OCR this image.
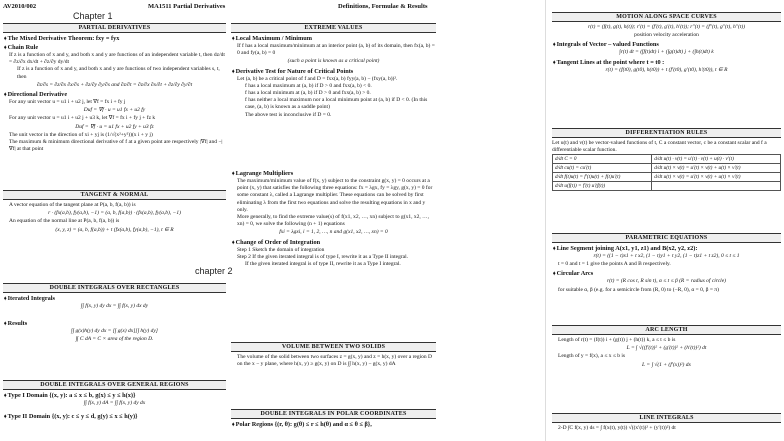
AV2010/002	MA1511 Partial Derivatives	Definitions, Formulae & Results
PARTIAL DERIVATIVES
➧ The Mixed Derivative Theorem: fxy = fyx
➧ Chain Rule
If z is a function of x and y, and both x and y are functions of an independent variable t, then dz/dt = ∂z/∂x dx/dt + ∂z/∂y dy/dt
If z is a function of x and y, and both x and y are functions of two independent variables s, t, then
∂z/∂s = ∂z/∂x ∂x/∂s + ∂z/∂y ∂y/∂s and ∂z/∂t = ∂z/∂x ∂x/∂t + ∂z/∂y ∂y/∂t
➧ Directional Derivative
For any unit vector u = u1 i + u2 j, let ∇f = fx i + fy j
Duf = ∇f · u = u1 fx + u2 fy
For any unit vector u = u1 i + u2 j + u3 k, let ∇f = fx i + fy j + fz k
Duf = ∇f · u = u1 fx + u2 fy + u3 fz
The unit vector in the direction of xi + yj is (1/√(x²+y²))(x i + y j)
The maximum & minimum directional derivative of f at a given point are respectively |∇f| and −|∇f| at that point
TANGENT & NORMAL
A vector equation of the tangent plane at P(a, b, f(a, b)) is
r · (fx(a,b), fy(a,b), −1) = (a, b, f(a,b)) · (fx(a,b), fy(a,b), −1)
An equation of the normal line at P(a, b, f(a, b)) is
(x, y, z) = (a, b, f(a,b)) + t (fx(a,b), fy(a,b), −1), t ∈ R
DOUBLE INTEGRALS OVER RECTANGLES
➧ Iterated Integrals
∫∫ f(x, y) dy dx = ∫∫ f(x, y) dx dy
➧ Results
∫∫ g(x)h(y) dy dx = [∫ g(x) dx][∫ h(y) dy]
∫∫ C dA = C × area of the region D.
DOUBLE INTEGRALS OVER GENERAL REGIONS
➧ Type I Domain {(x, y): a ≤ x ≤ b, g(x) ≤ y ≤ h(x)}
∫∫ f(x, y) dA = ∫∫ f(x, y) dy dx
➧ Type II Domain {(x, y): c ≤ y ≤ d, g(y) ≤ x ≤ h(y)}
EXTREME VALUES
➧ Local Maximum / Minimum
If f has a local maximum/minimum at an interior point (a, b) of its domain, then fx(a, b) = 0 and fy(a, b) = 0
(such a point is known as a critical point)
➧ Derivative Test for Nature of Critical Points
Let (a, b) be a critical point of f and D = fxx(a, b) fyy(a, b) − (fxy(a, b))².
f has a local maximum at (a, b) if D > 0 and fxx(a, b) < 0.
f has a local minimum at (a, b) if D > 0 and fxx(a, b) > 0.
f has neither a local maximum nor a local minimum point at (a, b) if D < 0. (In this case, (a, b) is known as a saddle point)
The above test is inconclusive if D = 0.
➧ Lagrange Multipliers
The maximum/minimum value of f(x, y) subject to the constraint g(x, y) = 0 occurs at a point (x, y) that satisfies the following three equations: fx = λgx, fy = λgy, g(x, y) = 0 for some constant λ, called a Lagrange multiplier. These equations can be solved by first eliminating λ from the first two equations and solve the resulting equations in x and y only.
More generally, to find the extreme value(s) of f(x1, x2, …, xn) subject to g(x1, x2, …, xn) = 0, we solve the following (n + 1) equations
fxi = λgxi, i = 1, 2, …, n and g(x1, x2, …, xn) = 0
➧ Change of Order of Integration
Step 1 Sketch the domain of integration
Step 2 If the given iterated integral is of type I, rewrite it as a Type II integral.
If the given iterated integral is of type II, rewrite it as a Type I integral.
VOLUME BETWEEN TWO SOLIDS
The volume of the solid between two surfaces z = g(x, y) and z = h(x, y) over a region D on the x − y plane, where h(x, y) ≥ g(x, y) on D is ∫∫ h(x, y) − g(x, y) dA
DOUBLE INTEGRALS IN POLAR COORDINATES
➧ Polar Regions {(r, θ): g(θ) ≤ r ≤ h(θ) and α ≤ θ ≤ β},
Chapter 1
chapter 2
MOTION ALONG SPACE CURVES
r(t) = (f(t), g(t), h(t)); r′(t) = (f′(t), g′(t), h′(t)); r″(t) = (f″(t), g″(t), h″(t))
position velocity acceleration
➧ Integrals of Vector – valued Functions
∫r(t) dt = (∫f(t)dt) i + (∫g(t)dt) j + (∫h(t)dt) k
➧ Tangent Lines at the point where t = t0 :
r(t) = (f(t0), g(t0), h(t0)) + t (f′(t0), g′(t0), h′(t0)), t ∈ R
DIFFERENTIATION RULES
Let u(t) and v(t) be vector-valued functions of t, C a constant vector, c be a constant scalar and f a differentiable scalar function.
d/dt C = 0	d/dt u(t) · v(t) = u′(t) · v(t) + u(t) · v′(t)
d/dt cu(t) = cu′(t)	d/dt u(t) × v(t) = u′(t) × v(t) + u(t) × v′(t)
d/dt f(t)u(t) = f′(t)u(t) + f(t)u′(t)	d/dt u(t) × v(t) = u′(t) × v(t) + u(t) × v′(t)
d/dt u(f(t)) = f′(t) u′(f(t))	
PARAMETRIC EQUATIONS
➧ Line Segment joining A(x1, y1, z1) and B(x2, y2, z2):
r(t) = ((1 − t)x1 + t x2, (1 − t)y1 + t y2, (1 − t)z1 + t z2), 0 ≤ t ≤ 1
t = 0 and t = 1 give the points A and B respectively.
➧ Circular Arcs
r(t) = (R cos t, R sin t), α ≤ t ≤ β (R = radius of circle)
for suitable α, β (e.g. for a semicircle from (R, 0) to (−R, 0), α = 0, β = π)
ARC LENGTH
Length of r(t) = (f(t)) i + (g(t)) j + (h(t)) k, a ≤ t ≤ b is
L = ∫ √((f′(t))² + (g′(t))² + (h′(t))²) dt
Length of y = f(x), a ≤ x ≤ b is
L = ∫ √(1 + (f′(x))²) dx
LINE INTEGRALS
2-D ∫C f(x, y) ds = ∫ f(x(t), y(t)) √((x′(t))² + (y′(t))²) dt
